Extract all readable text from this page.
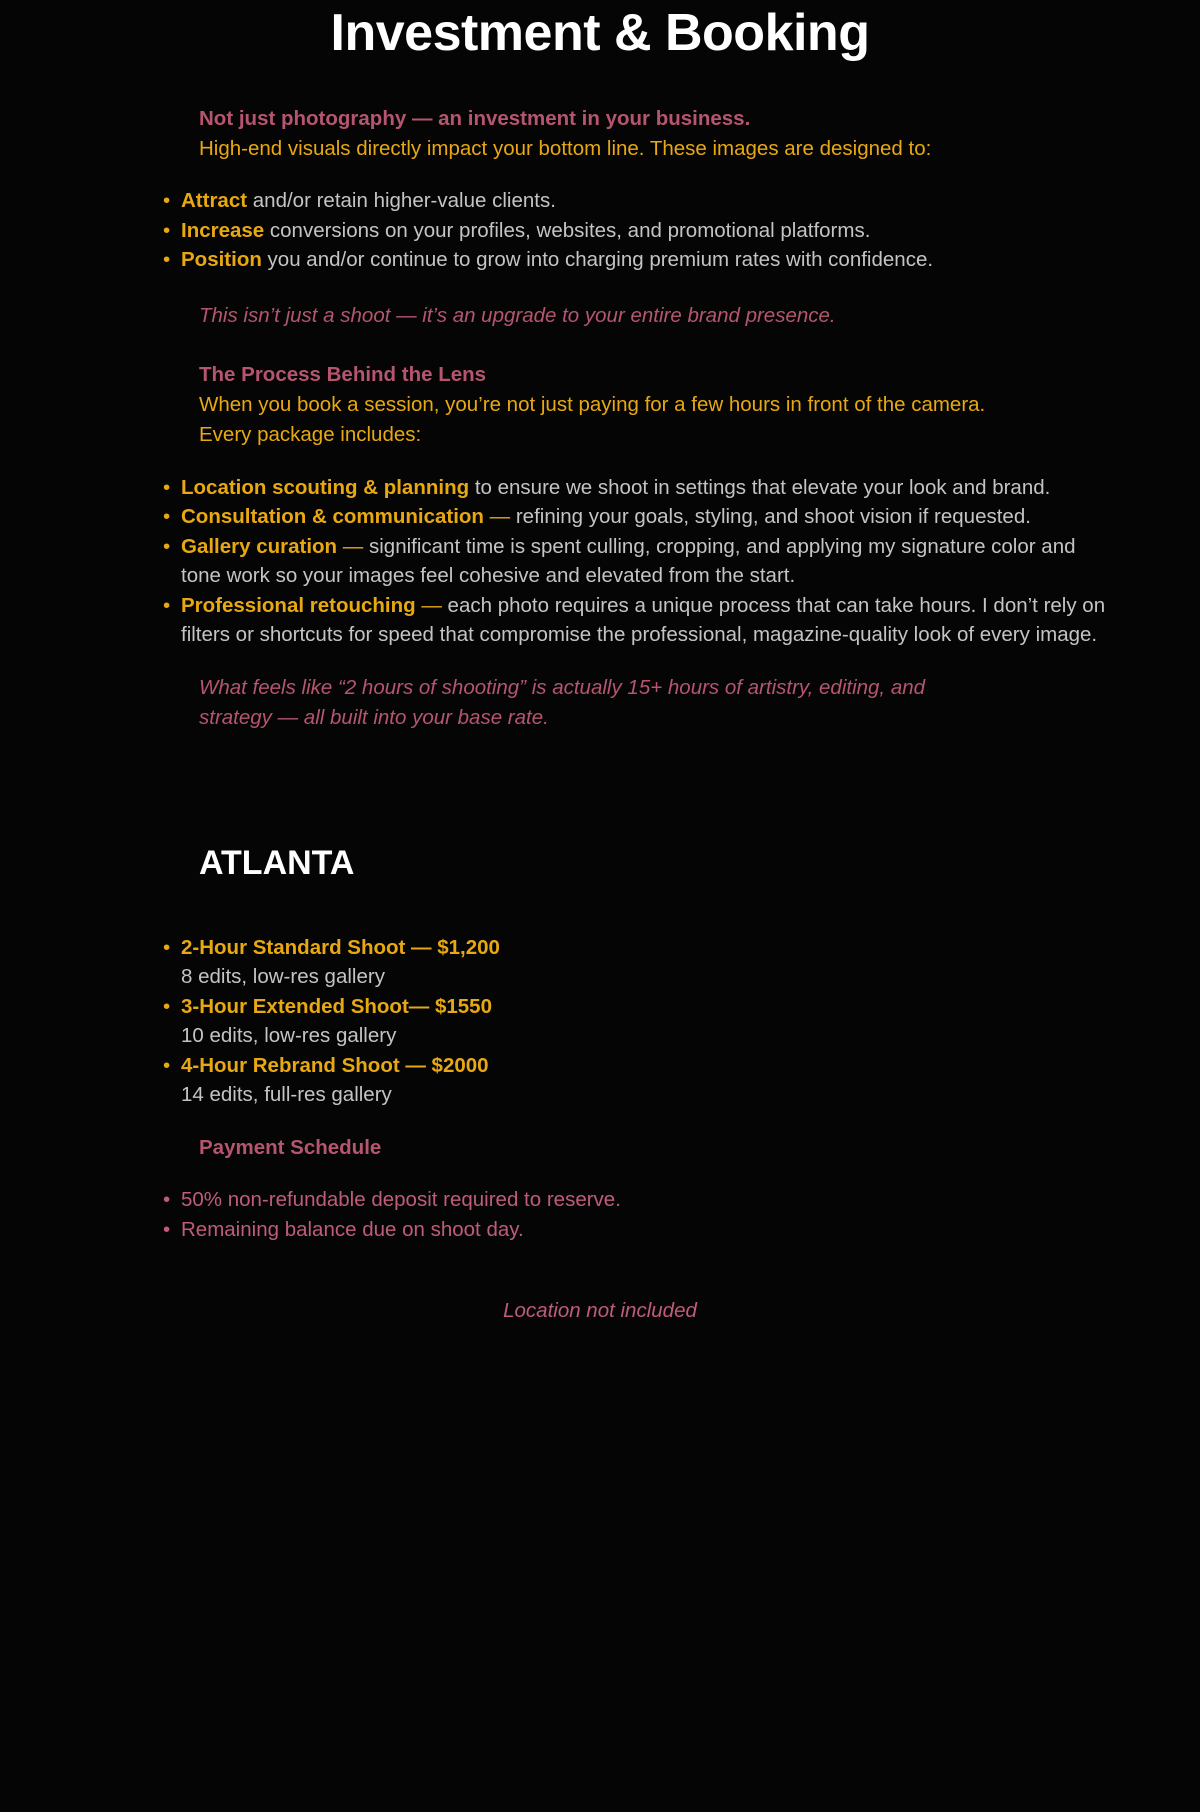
Investment & Booking

Not just photography — an investment in your business.

High-end visuals directly impact your bottom line. These images are designed to:

• Attract and/or retain higher-value clients.
• Increase conversions on your profiles, websites, and promotional platforms.
• Position you and/or continue to grow into charging premium rates with confidence.

This isn’t just a shoot — it’s an upgrade to your entire brand presence.

The Process Behind the Lens

When you book a session, you’re not just paying for a few hours in front of the camera. Every package includes:

• Location scouting & planning to ensure we shoot in settings that elevate your look and brand.
• Consultation & communication — refining your goals, styling, and shoot vision if requested.
• Gallery curation — significant time is spent culling, cropping, and applying my signature color and tone work so your images feel cohesive and elevated from the start.
• Professional retouching — each photo requires a unique process that can take hours. I don’t rely on filters or shortcuts for speed that compromise the professional, magazine-quality look of every image.

What feels like “2 hours of shooting” is actually 15+ hours of artistry, editing, and strategy — all built into your base rate.

ATLANTA
• 2-Hour Standard Shoot — $1,200
8 edits, low-res gallery
• 3-Hour Extended Shoot— $1550
10 edits, low-res gallery
• 4-Hour Rebrand Shoot — $2000
14 edits, full-res gallery

Payment Schedule

• 50% non-refundable deposit required to reserve.
• Remaining balance due on shoot day.

Location not included
